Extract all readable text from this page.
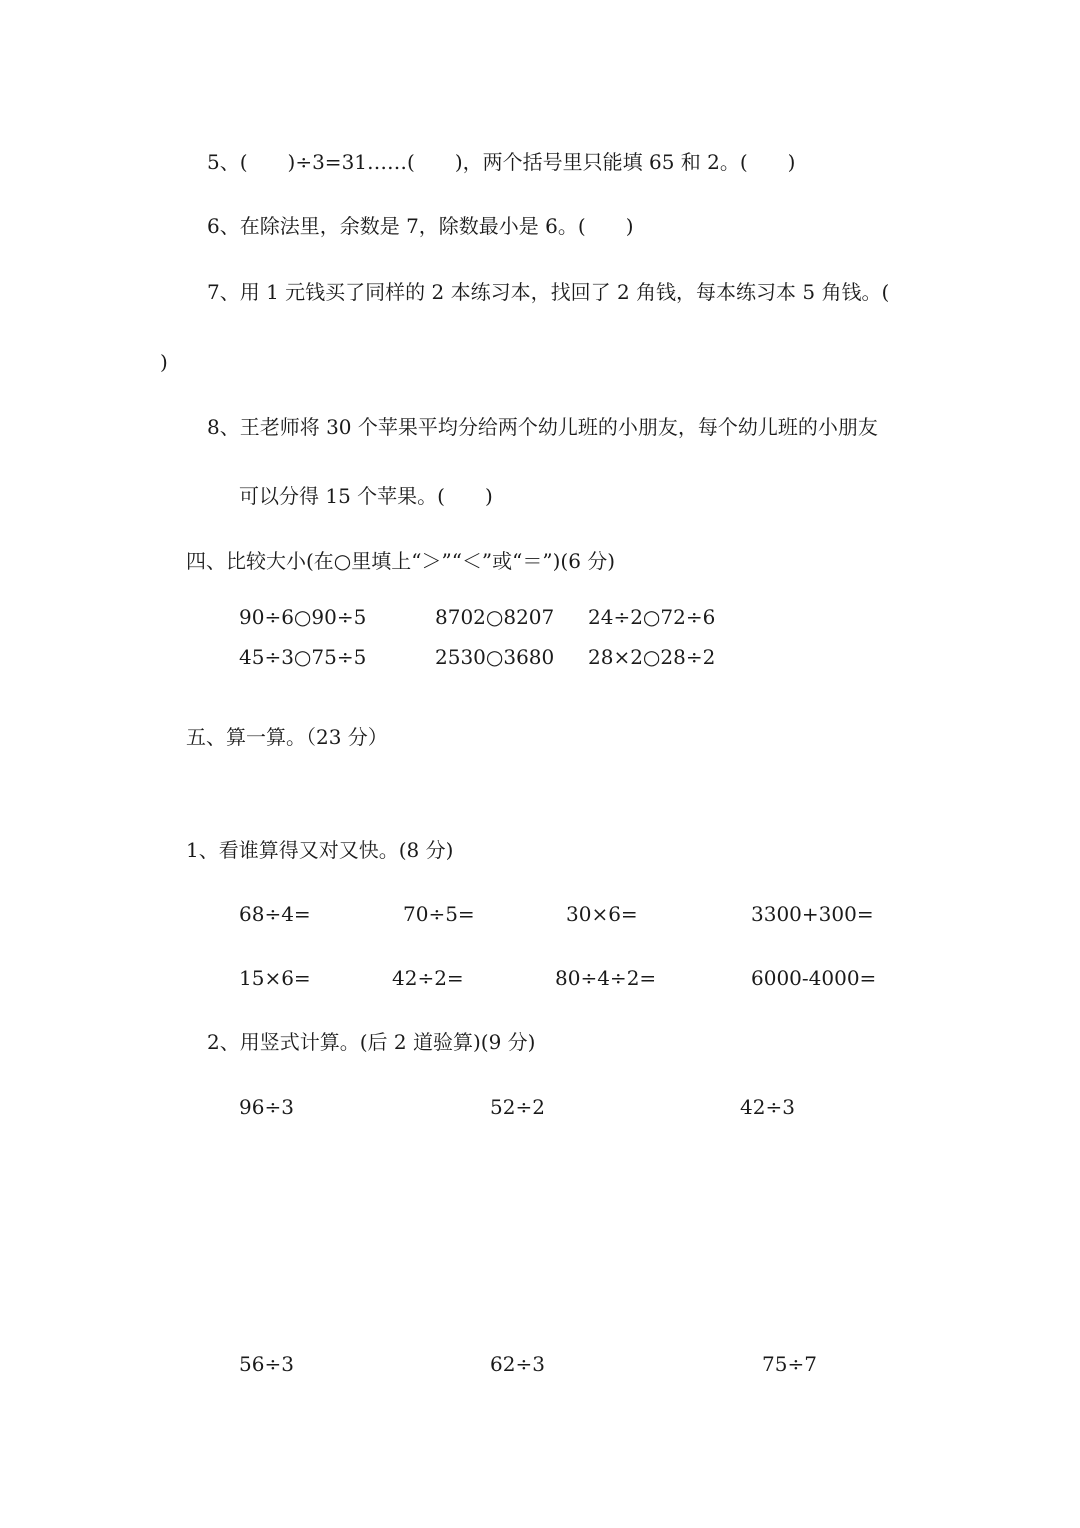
5、(　　)÷3=31……(　　)，两个括号里只能填 65 和 2。(　　)
6、在除法里，余数是 7，除数最小是 6。(　　)
7、用 1 元钱买了同样的 2 本练习本，找回了 2 角钱，每本练习本 5 角钱。(
)
8、王老师将 30 个苹果平均分给两个幼儿班的小朋友，每个幼儿班的小朋友
可以分得 15 个苹果。(　　)
四、比较大小(在○里填上“＞”“＜”或“＝”)(6 分)
90÷6○90÷5	8702○8207 24÷2○72÷6
45÷3○75÷5	2530○3680 28×2○28÷2
五、算一算。（23 分）
1、看谁算得又对又快。(8 分)
68÷4=	70÷5=	30×6=	3300+300=
15×6=	42÷2=	80÷4÷2=	6000-4000=
2、用竖式计算。(后 2 道验算)(9 分)
96÷3	52÷2	42÷3
56÷3	62÷3	75÷7
